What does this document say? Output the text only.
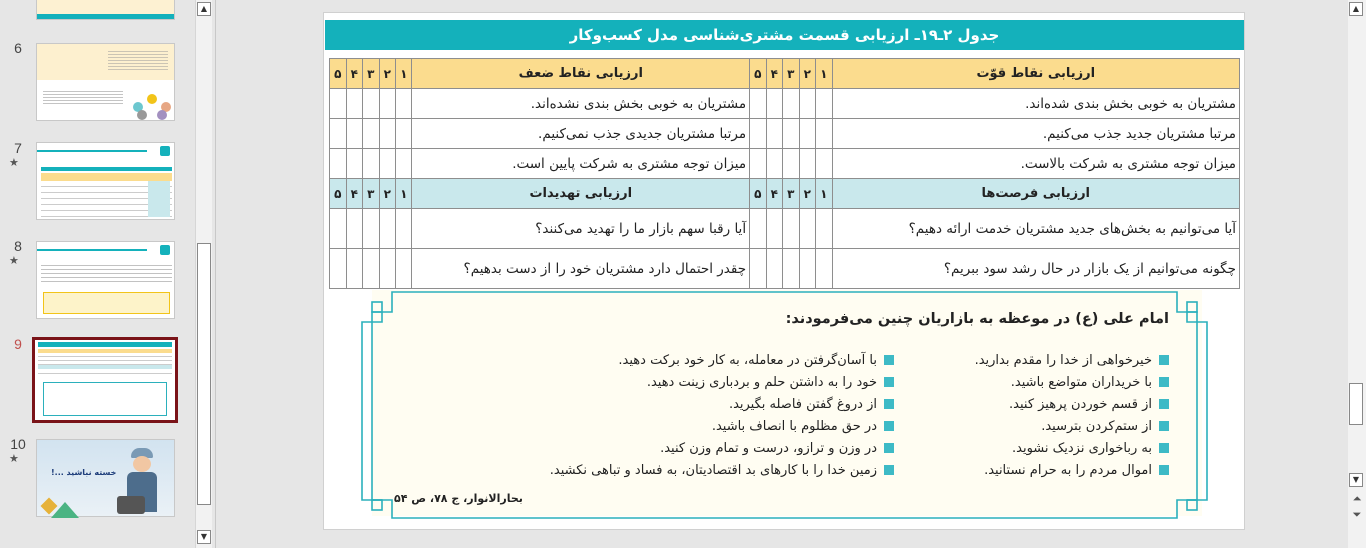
6
7
★
8
★
9
10
★
خسته نباشید ...!
▲
▼
جدول ۲ـ۱۹ـ ارزیابی قسمت مشتری‌شناسی مدل کسب‌وکار
ارزیابی نقاط قوّت	۱	۲	۳	۴	۵	ارزیابی نقاط ضعف	۱	۲	۳	۴	۵
مشتریان به خوبی بخش بندی شده‌اند.						مشتریان به خوبی بخش بندی نشده‌اند.					
مرتبا مشتریان جدید جذب می‌کنیم.						مرتبا مشتریان جدیدی جذب نمی‌کنیم.					
میزان توجه مشتری به شرکت بالاست.						میزان توجه مشتری به شرکت پایین است.					
ارزیابی فرصت‌ها	۱	۲	۳	۴	۵	ارزیابی تهدیدات	۱	۲	۳	۴	۵
آیا می‌توانیم به بخش‌های جدید مشتریان خدمت ارائه دهیم؟						آیا رقبا سهم بازار ما را تهدید می‌کنند؟					
چگونه می‌توانیم از یک بازار در حال رشد سود ببریم؟						چقدر احتمال دارد مشتریان خود را از دست بدهیم؟					
امام علی (ع) در موعظه به بازاریان چنین می‌فرمودند:
خیرخواهی از خدا را مقدم بدارید.
با خریداران متواضع باشید.
از قسم خوردن پرهیز کنید.
از ستم‌کردن بترسید.
به رباخواری نزدیک نشوید.
اموال مردم را به حرام نستانید.
با آسان‌گرفتن در معامله، به کار خود برکت دهید.
خود را به داشتن حلم و بردباری زینت دهید.
از دروغ گفتن فاصله بگیرید.
در حق مظلوم با انصاف باشید.
در وزن و ترازو، درست و تمام وزن کنید.
زمین خدا را با کارهای بد اقتصادیتان، به فساد و تباهی نکشید.
بحارالانوار، ج ۷۸، ص ۵۴
▲
▼
⏶
⏷
